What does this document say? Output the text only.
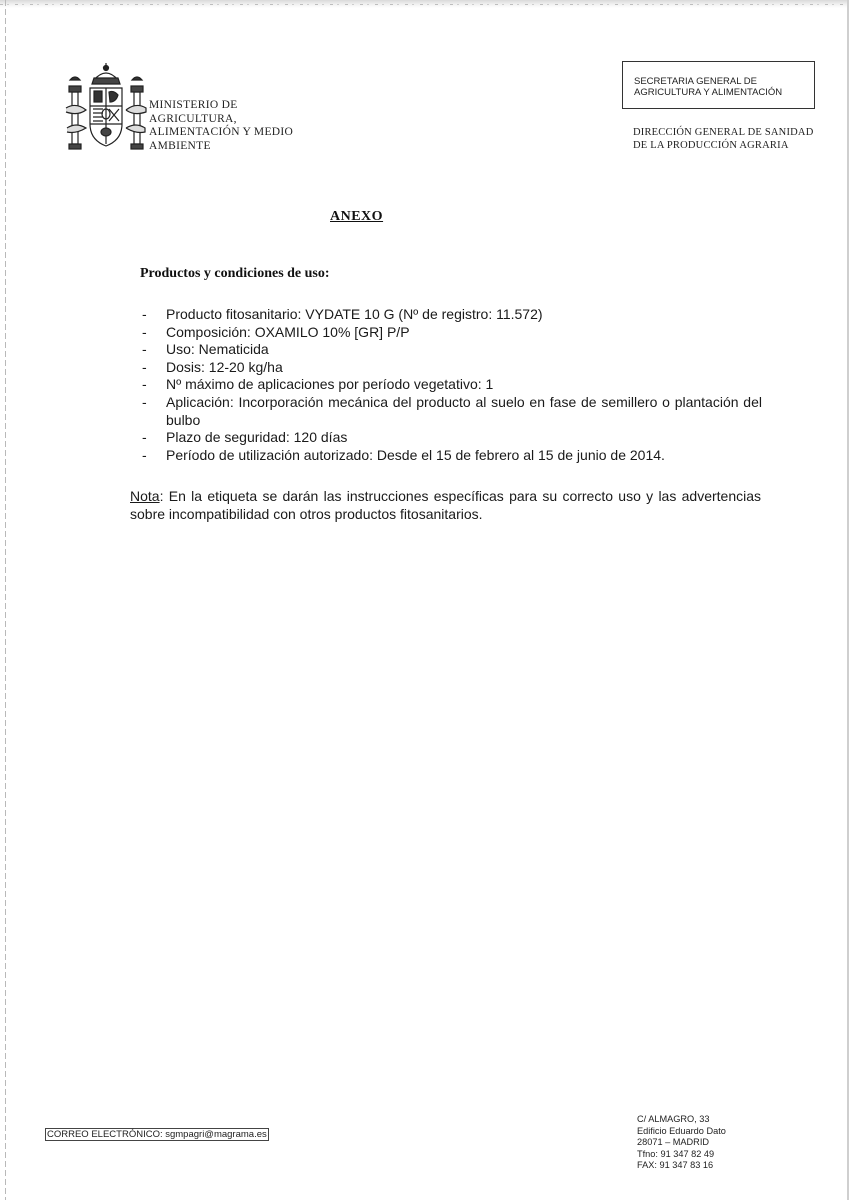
MINISTERIO DE
AGRICULTURA,
ALIMENTACIÓN Y MEDIO
AMBIENTE
SECRETARIA GENERAL DE
AGRICULTURA Y ALIMENTACIÓN
DIRECCIÓN GENERAL DE SANIDAD
DE LA PRODUCCIÓN AGRARIA
ANEXO
Productos y condiciones de uso:
- Producto fitosanitario: VYDATE 10 G (Nº de registro: 11.572)
- Composición: OXAMILO 10% [GR] P/P
- Uso: Nematicida
- Dosis: 12-20 kg/ha
- Nº máximo de aplicaciones por período vegetativo: 1
- Aplicación: Incorporación mecánica del producto al suelo en fase de semillero o plantación del bulbo
- Plazo de seguridad: 120 días
- Período de utilización autorizado: Desde el 15 de febrero al 15 de junio de 2014.
Nota: En la etiqueta se darán las instrucciones específicas para su correcto uso y las advertencias sobre incompatibilidad con otros productos fitosanitarios.
CORREO ELECTRÓNICO: sgmpagri@magrama.es
C/ ALMAGRO, 33
Edificio Eduardo Dato
28071 – MADRID
Tfno: 91 347 82 49
FAX: 91 347 83 16
